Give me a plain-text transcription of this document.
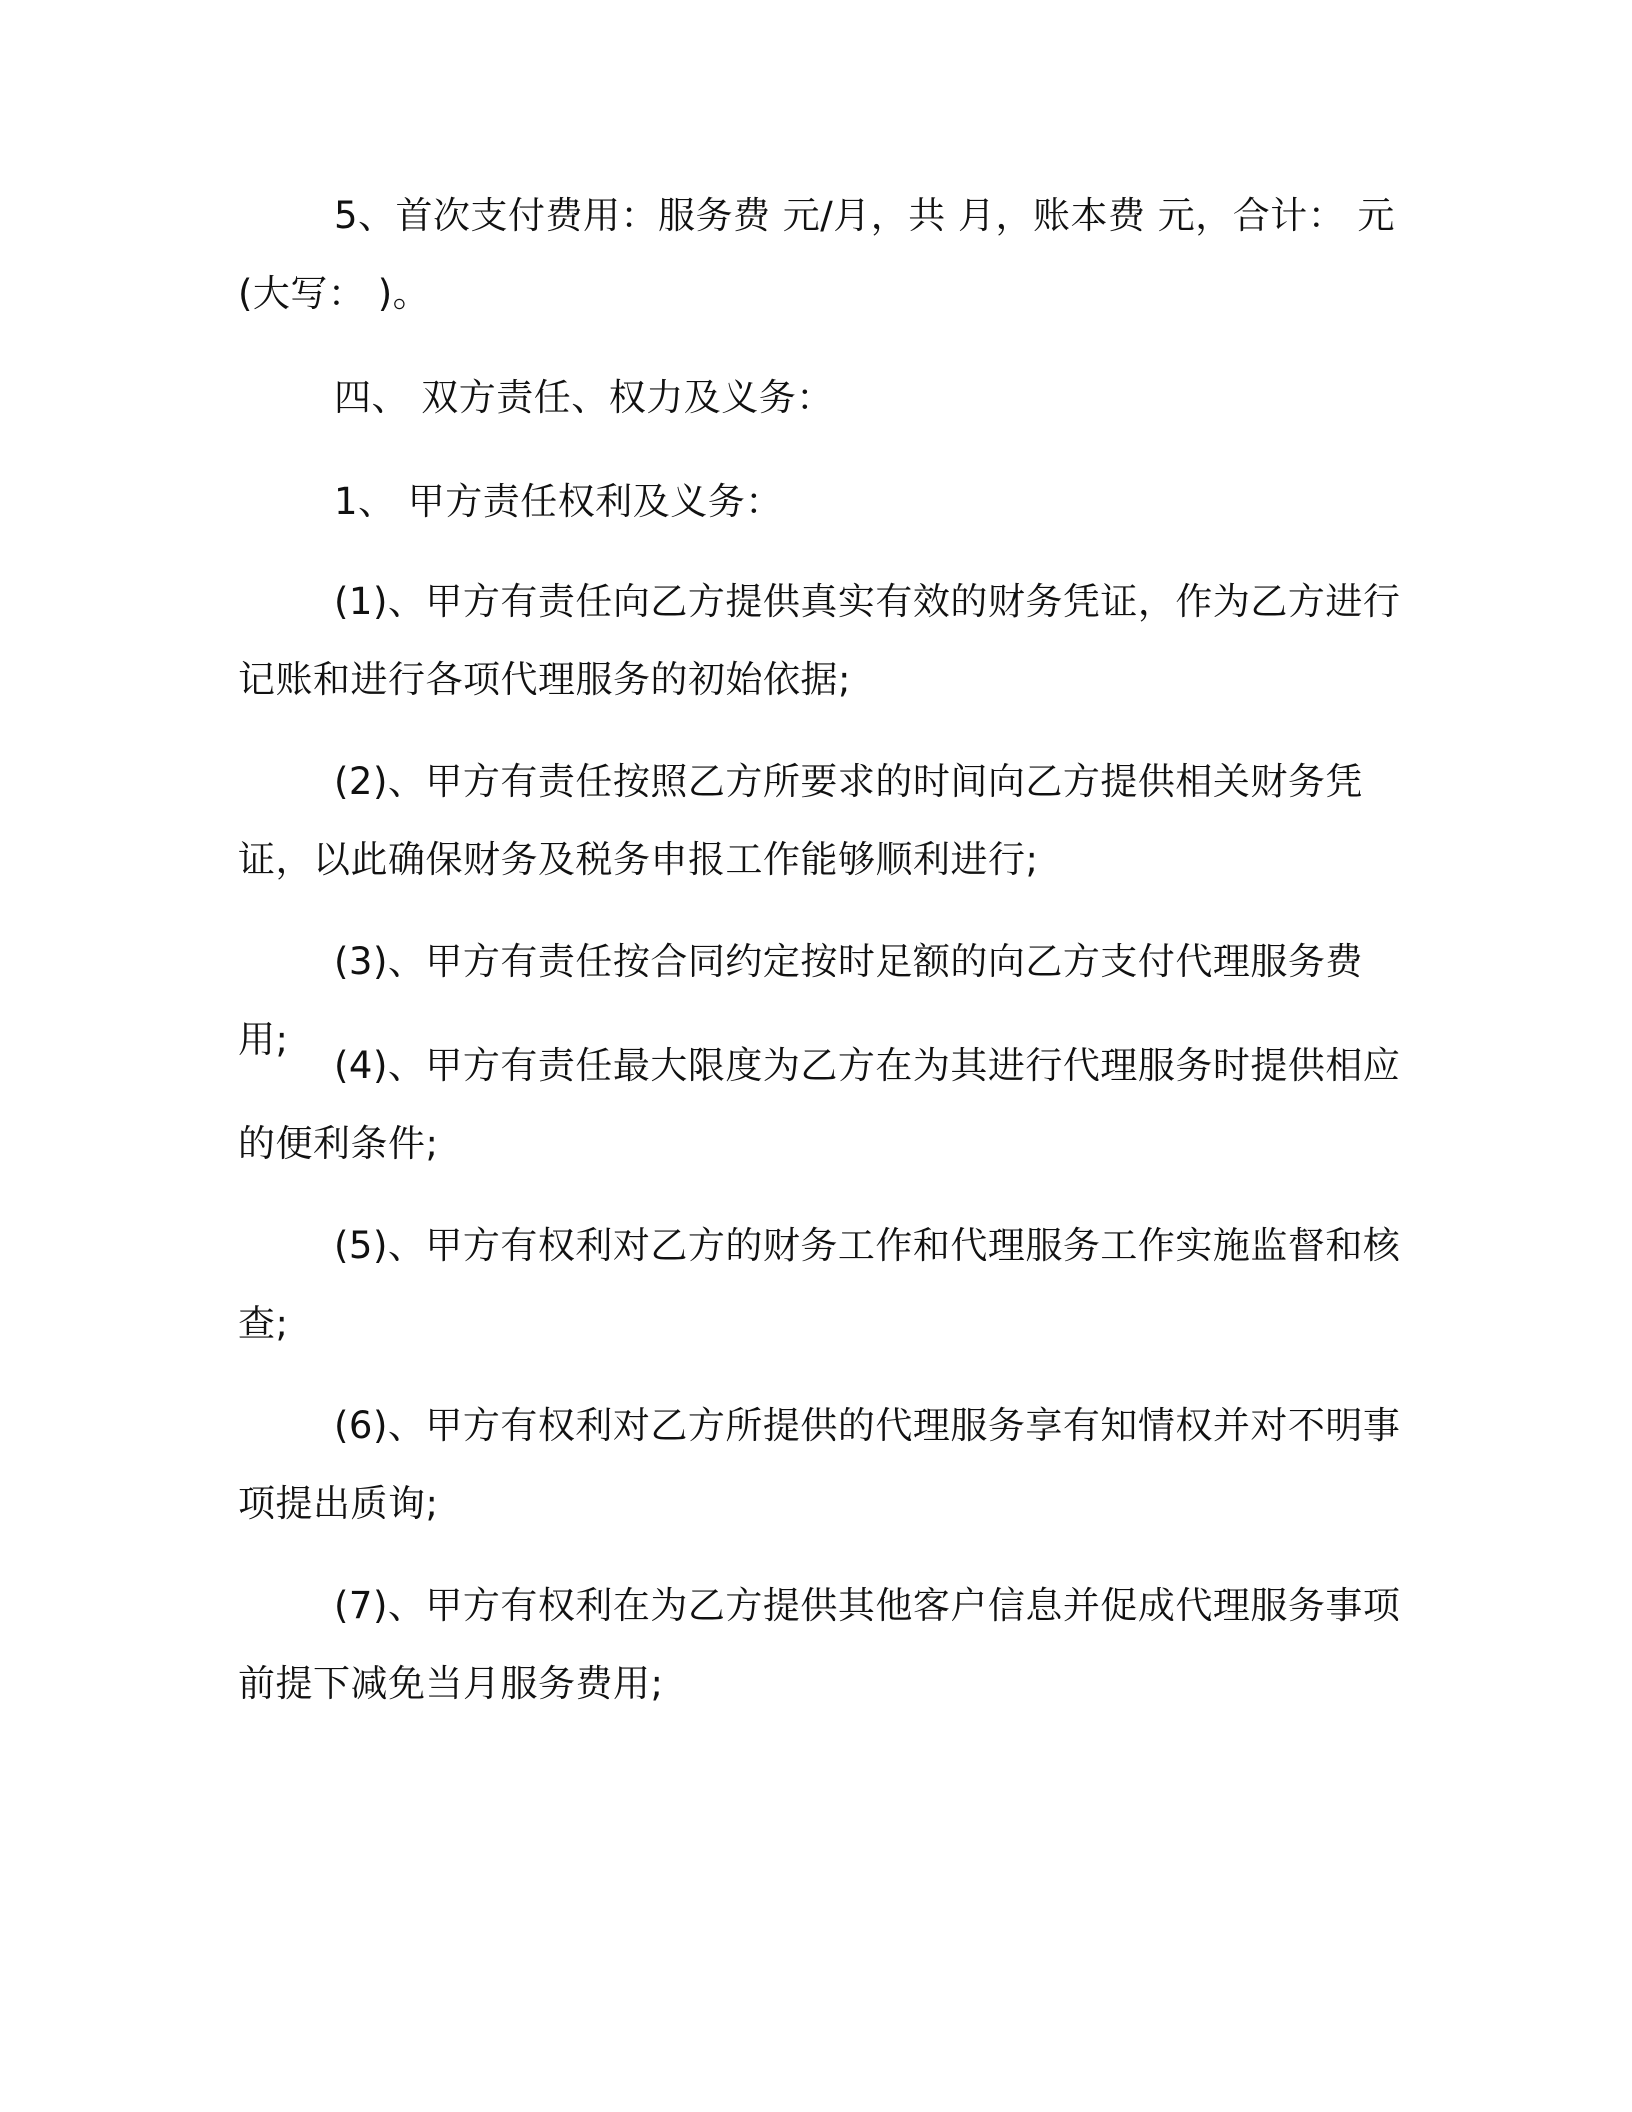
5、首次支付费用：服务费 元/月，共 月，账本费 元，合计： 元(大写： )。

四、 双方责任、权力及义务：

1、 甲方责任权利及义务：

(1)、甲方有责任向乙方提供真实有效的财务凭证，作为乙方进行记账和进行各项代理服务的初始依据;

(2)、甲方有责任按照乙方所要求的时间向乙方提供相关财务凭证，以此确保财务及税务申报工作能够顺利进行;

(3)、甲方有责任按合同约定按时足额的向乙方支付代理服务费用;

(4)、甲方有责任最大限度为乙方在为其进行代理服务时提供相应的便利条件;

(5)、甲方有权利对乙方的财务工作和代理服务工作实施监督和核查;

(6)、甲方有权利对乙方所提供的代理服务享有知情权并对不明事项提出质询;

(7)、甲方有权利在为乙方提供其他客户信息并促成代理服务事项前提下减免当月服务费用;
